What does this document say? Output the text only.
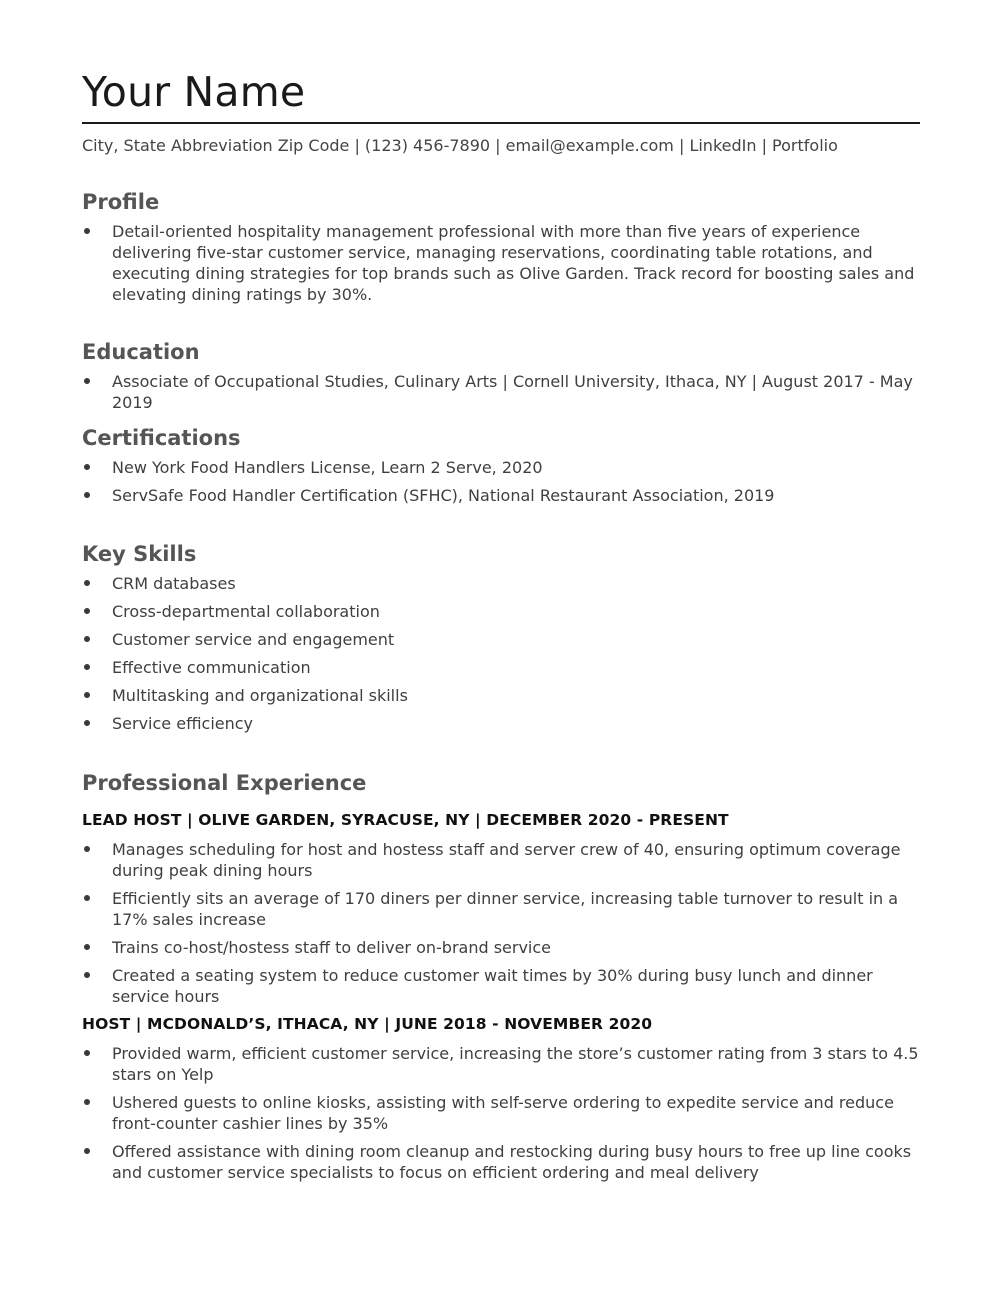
Your Name
City, State Abbreviation Zip Code | (123) 456-7890 | email@example.com | LinkedIn | Portfolio
Profile
Detail-oriented hospitality management professional with more than five years of experience delivering five-star customer service, managing reservations, coordinating table rotations, and executing dining strategies for top brands such as Olive Garden. Track record for boosting sales and elevating dining ratings by 30%.
Education
Associate of Occupational Studies, Culinary Arts | Cornell University, Ithaca, NY | August 2017 - May 2019
Certifications
New York Food Handlers License, Learn 2 Serve, 2020
ServSafe Food Handler Certification (SFHC), National Restaurant Association, 2019
Key Skills
CRM databases
Cross-departmental collaboration
Customer service and engagement
Effective communication
Multitasking and organizational skills
Service efficiency
Professional Experience
LEAD HOST | OLIVE GARDEN, SYRACUSE, NY | DECEMBER 2020 - PRESENT
Manages scheduling for host and hostess staff and server crew of 40, ensuring optimum coverage during peak dining hours
Efficiently sits an average of 170 diners per dinner service, increasing table turnover to result in a 17% sales increase
Trains co-host/hostess staff to deliver on-brand service
Created a seating system to reduce customer wait times by 30% during busy lunch and dinner service hours
HOST | MCDONALD’S, ITHACA, NY | JUNE 2018 - NOVEMBER 2020
Provided warm, efficient customer service, increasing the store’s customer rating from 3 stars to 4.5 stars on Yelp
Ushered guests to online kiosks, assisting with self-serve ordering to expedite service and reduce front-counter cashier lines by 35%
Offered assistance with dining room cleanup and restocking during busy hours to free up line cooks and customer service specialists to focus on efficient ordering and meal delivery
